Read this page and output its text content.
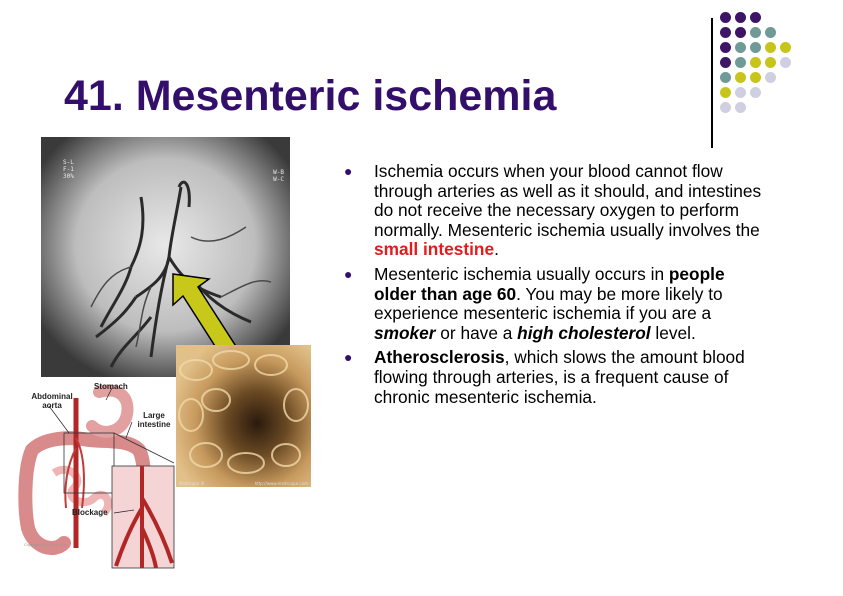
41. Mesenteric ischemia
S-L
F-1
30%
W-B
W-C
Medscape ®	http://www.medscape.com
Stomach
Abdominal aorta
Large intestine
Blockage
Copyright 2005 A.D.A.M.
● Ischemia occurs when your blood cannot flow through arteries as well as it should, and intestines do not receive the necessary oxygen to perform normally. Mesenteric ischemia usually involves the small intestine.
● Mesenteric ischemia usually occurs in people older than age 60. You may be more likely to experience mesenteric ischemia if you are a smoker or have a high cholesterol level.
● Atherosclerosis, which slows the amount blood flowing through arteries, is a frequent cause of chronic mesenteric ischemia.
